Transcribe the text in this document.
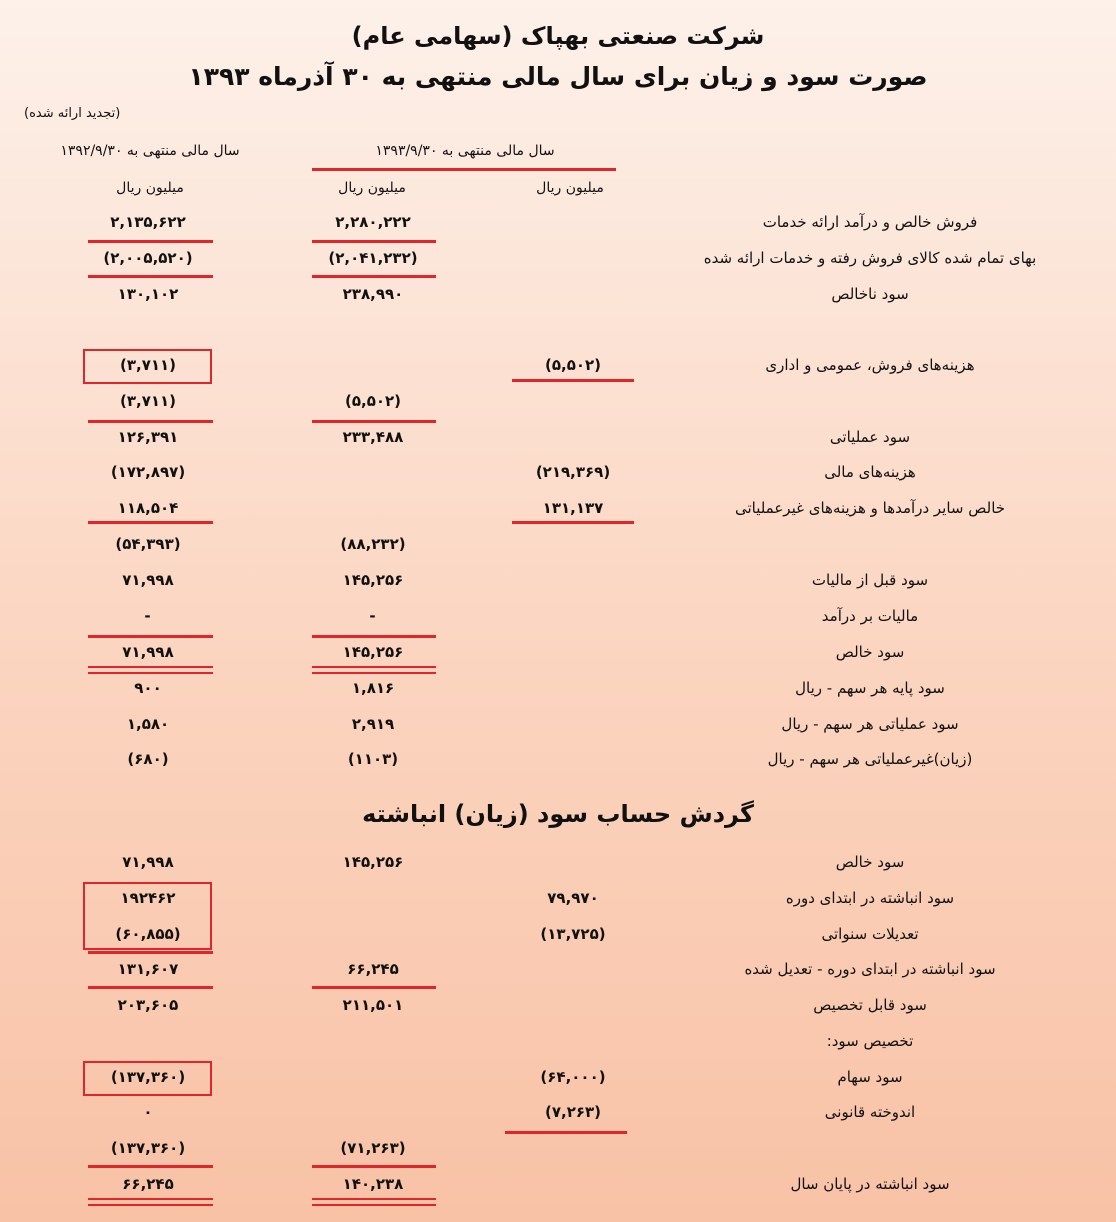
شرکت صنعتی بهپاک (سهامی عام)
صورت سود و زیان برای سال مالی منتهی به ۳۰ آذرماه ۱۳۹۳
(تجدید ارائه شده)
سال مالی منتهی به ۱۳۹۳/۹/۳۰
سال مالی منتهی به ۱۳۹۲/۹/۳۰
میلیون ریال
میلیون ریال
میلیون ریال
گردش حساب سود (زیان) انباشته
فروش خالص و درآمد ارائه خدمات
۲,۲۸۰,۲۲۲
۲,۱۳۵,۶۲۲
بهای تمام شده کالای فروش رفته و خدمات ارائه شده
(۲,۰۴۱,۲۳۲)
(۲,۰۰۵,۵۲۰)
سود ناخالص
۲۳۸,۹۹۰
۱۳۰,۱۰۲
هزینه‌های فروش، عمومی و اداری
(۵,۵۰۲)
(۳,۷۱۱)
(۵,۵۰۲)
(۳,۷۱۱)
سود عملیاتی
۲۳۳,۴۸۸
۱۲۶,۳۹۱
هزینه‌های مالی
(۲۱۹,۳۶۹)
(۱۷۲,۸۹۷)
خالص سایر درآمدها و هزینه‌های غیرعملیاتی
۱۳۱,۱۳۷
۱۱۸,۵۰۴
(۸۸,۲۳۲)
(۵۴,۳۹۳)
سود قبل از مالیات
۱۴۵,۲۵۶
۷۱,۹۹۸
مالیات بر درآمد
-
-
سود خالص
۱۴۵,۲۵۶
۷۱,۹۹۸
سود پایه هر سهم - ریال
۱,۸۱۶
۹۰۰
سود عملیاتی هر سهم - ریال
۲,۹۱۹
۱,۵۸۰
(زیان)غیرعملیاتی هر سهم - ریال
(۱۱۰۳)
(۶۸۰)
سود خالص
۱۴۵,۲۵۶
۷۱,۹۹۸
سود انباشته در ابتدای دوره
۷۹,۹۷۰
۱۹۲۴۶۲
تعدیلات سنواتی
(۱۳,۷۲۵)
(۶۰,۸۵۵)
سود انباشته در ابتدای دوره - تعدیل شده
۶۶,۲۴۵
۱۳۱,۶۰۷
سود قابل تخصیص
۲۱۱,۵۰۱
۲۰۳,۶۰۵
تخصیص سود:
سود سهام
(۶۴,۰۰۰)
(۱۳۷,۳۶۰)
اندوخته قانونی
(۷,۲۶۳)
۰
(۷۱,۲۶۳)
(۱۳۷,۳۶۰)
سود انباشته در پایان سال
۱۴۰,۲۳۸
۶۶,۲۴۵
